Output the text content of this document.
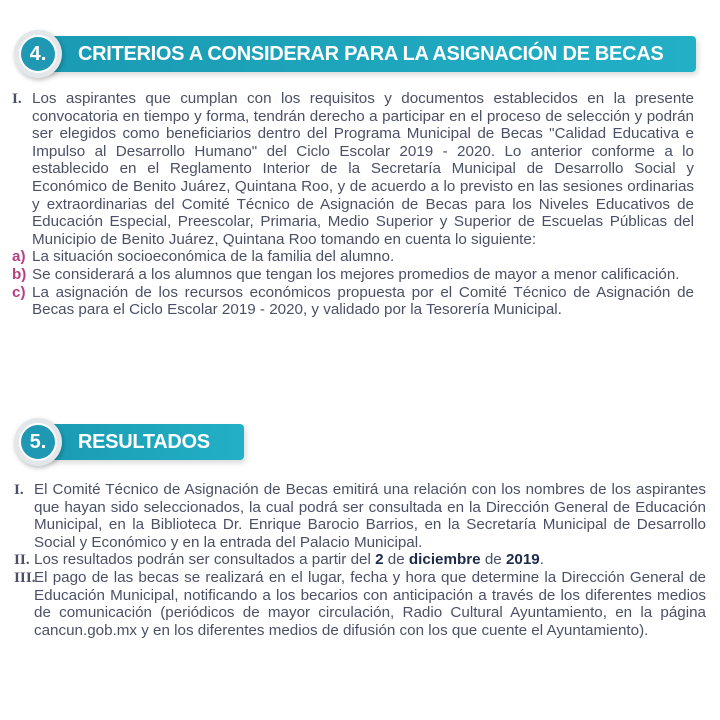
CRITERIOS A CONSIDERAR PARA LA ASIGNACIÓN DE BECAS
4.
I. Los aspirantes que cumplan con los requisitos y documentos establecidos en la presente convocatoria en tiempo y forma, tendrán derecho a participar en el proceso de selección y podrán ser elegidos como beneficiarios dentro del Programa Municipal de Becas "Calidad Educativa e Impulso al Desarrollo Humano" del Ciclo Escolar 2019 - 2020. Lo anterior conforme a lo establecido en el Reglamento Interior de la Secretaría Municipal de Desarrollo Social y Económico de Benito Juárez, Quintana Roo, y de acuerdo a lo previsto en las sesiones ordinarias y extraordinarias del Comité Técnico de Asignación de Becas para los Niveles Educativos de Educación Especial, Preescolar, Primaria, Medio Superior y Superior de Escuelas Públicas del Municipio de Benito Juárez, Quintana Roo tomando en cuenta lo siguiente:
a) La situación socioeconómica de la familia del alumno.
b) Se considerará a los alumnos que tengan los mejores promedios de mayor a menor calificación.
c) La asignación de los recursos económicos propuesta por el Comité Técnico de Asignación de Becas para el Ciclo Escolar 2019 - 2020, y validado por la Tesorería Municipal.
RESULTADOS
5.
I. El Comité Técnico de Asignación de Becas emitirá una relación con los nombres de los aspirantes que hayan sido seleccionados, la cual podrá ser consultada en la Dirección General de Educación Municipal, en la Biblioteca Dr. Enrique Barocio Barrios, en la Secretaría Municipal de Desarrollo Social y Económico y en la entrada del Palacio Municipal.
II. Los resultados podrán ser consultados a partir del 2 de diciembre de 2019.
III.
El pago de las becas se realizará en el lugar, fecha y hora que determine la Dirección General de Educación Municipal, notificando a los becarios con anticipación a través de los diferentes medios de comunicación (periódicos de mayor circulación, Radio Cultural Ayuntamiento, en la página cancun.gob.mx y en los diferentes medios de difusión con los que cuente el Ayuntamiento).
